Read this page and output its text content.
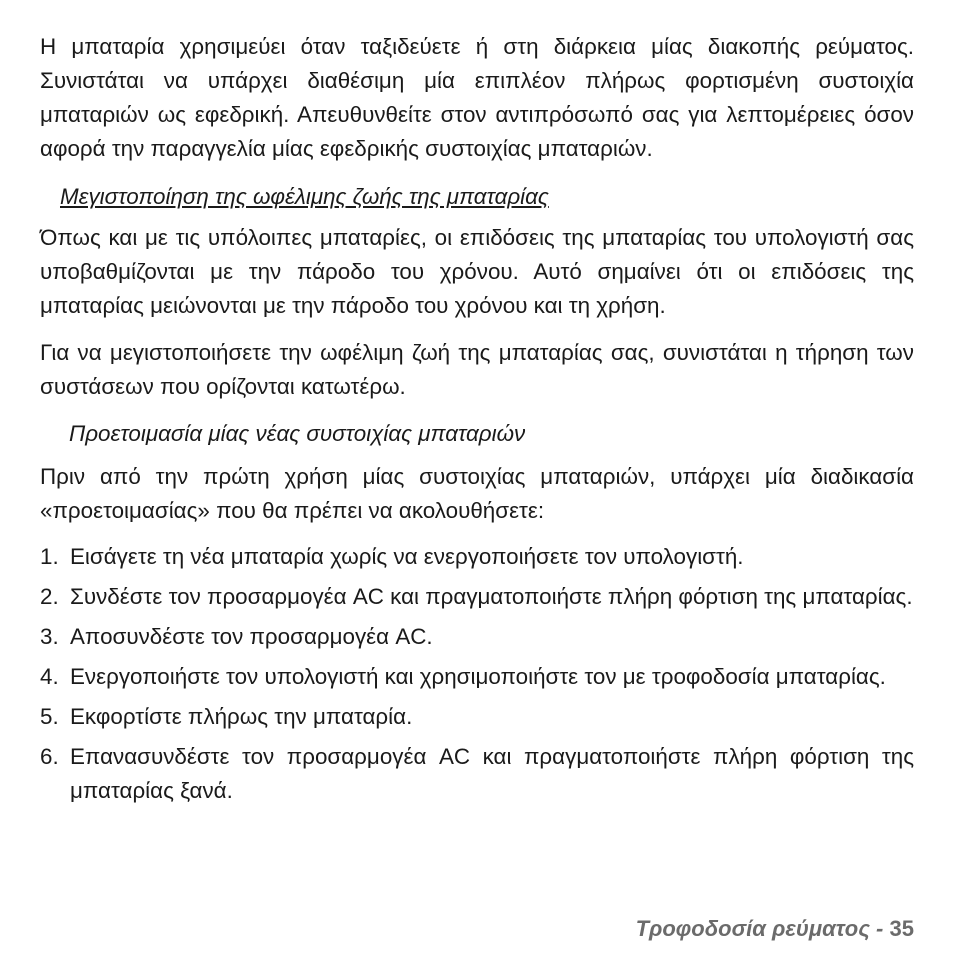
Η μπαταρία χρησιμεύει όταν ταξιδεύετε ή στη διάρκεια μίας διακοπής ρεύματος. Συνιστάται να υπάρχει διαθέσιμη μία επιπλέον πλήρως φορτισμένη συστοιχία μπαταριών ως εφεδρική. Απευθυνθείτε στον αντιπρόσωπό σας για λεπτομέρειες όσον αφορά την παραγγελία μίας εφεδρικής συστοιχίας μπαταριών.

Μεγιστοποίηση της ωφέλιμης ζωής της μπαταρίας

Όπως και με τις υπόλοιπες μπαταρίες, οι επιδόσεις της μπαταρίας του υπολογιστή σας υποβαθμίζονται με την πάροδο του χρόνου. Αυτό σημαίνει ότι οι επιδόσεις της μπαταρίας μειώνονται με την πάροδο του χρόνου και τη χρήση.

Για να μεγιστοποιήσετε την ωφέλιμη ζωή της μπαταρίας σας, συνιστάται η τήρηση των συστάσεων που ορίζονται κατωτέρω.

Προετοιμασία μίας νέας συστοιχίας μπαταριών

Πριν από την πρώτη χρήση μίας συστοιχίας μπαταριών, υπάρχει μία διαδικασία «προετοιμασίας» που θα πρέπει να ακολουθήσετε:

1. Εισάγετε τη νέα μπαταρία χωρίς να ενεργοποιήσετε τον υπολογιστή.
2. Συνδέστε τον προσαρμογέα AC και πραγματοποιήστε πλήρη φόρτιση της μπαταρίας.
3. Αποσυνδέστε τον προσαρμογέα AC.
4. Ενεργοποιήστε τον υπολογιστή και χρησιμοποιήστε τον με τροφοδοσία μπαταρίας.
5. Εκφορτίστε πλήρως την μπαταρία.
6. Επανασυνδέστε τον προσαρμογέα AC και πραγματοποιήστε πλήρη φόρτιση της μπαταρίας ξανά.
Τροφοδοσία ρεύματος - 35
